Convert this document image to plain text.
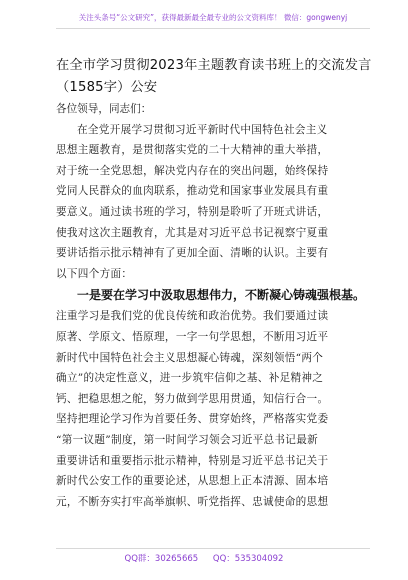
关注头条号“公文研究”，获得最新最全最专业的公文资料库！ 微信：gongwenyj
在全市学习贯彻2023年主题教育读书班上的交流发言
（1585字）公安

各位领导，同志们：

在全党开展学习贯彻习近平新时代中国特色社会主义
思想主题教育，是贯彻落实党的二十大精神的重大举措，
对于统一全党思想，解决党内存在的突出问题，始终保持
党同人民群众的血肉联系，推动党和国家事业发展具有重
要意义。通过读书班的学习，特别是聆听了开班式讲话，
使我对这次主题教育，尤其是对习近平总书记视察宁夏重
要讲话指示批示精神有了更加全面、清晰的认识。主要有
以下四个方面：

一是要在学习中汲取思想伟力，不断凝心铸魂强根基。

注重学习是我们党的优良传统和政治优势。我们要通过读
原著、学原文、悟原理，一字一句学思想，不断用习近平
新时代中国特色社会主义思想凝心铸魂，深刻领悟“两个
确立”的决定性意义，进一步筑牢信仰之基、补足精神之
钙、把稳思想之舵，努力做到学思用贯通，知信行合一。
坚持把理论学习作为首要任务、贯穿始终，严格落实党委
“第一议题”制度，第一时间学习领会习近平总书记最新
重要讲话和重要指示批示精神，特别是习近平总书记关于
新时代公安工作的重要论述，从思想上正本清源、固本培
元，不断夯实打牢高举旗帜、听党指挥、忠诚使命的思想

QQ群：30265665 QQ：535304092
